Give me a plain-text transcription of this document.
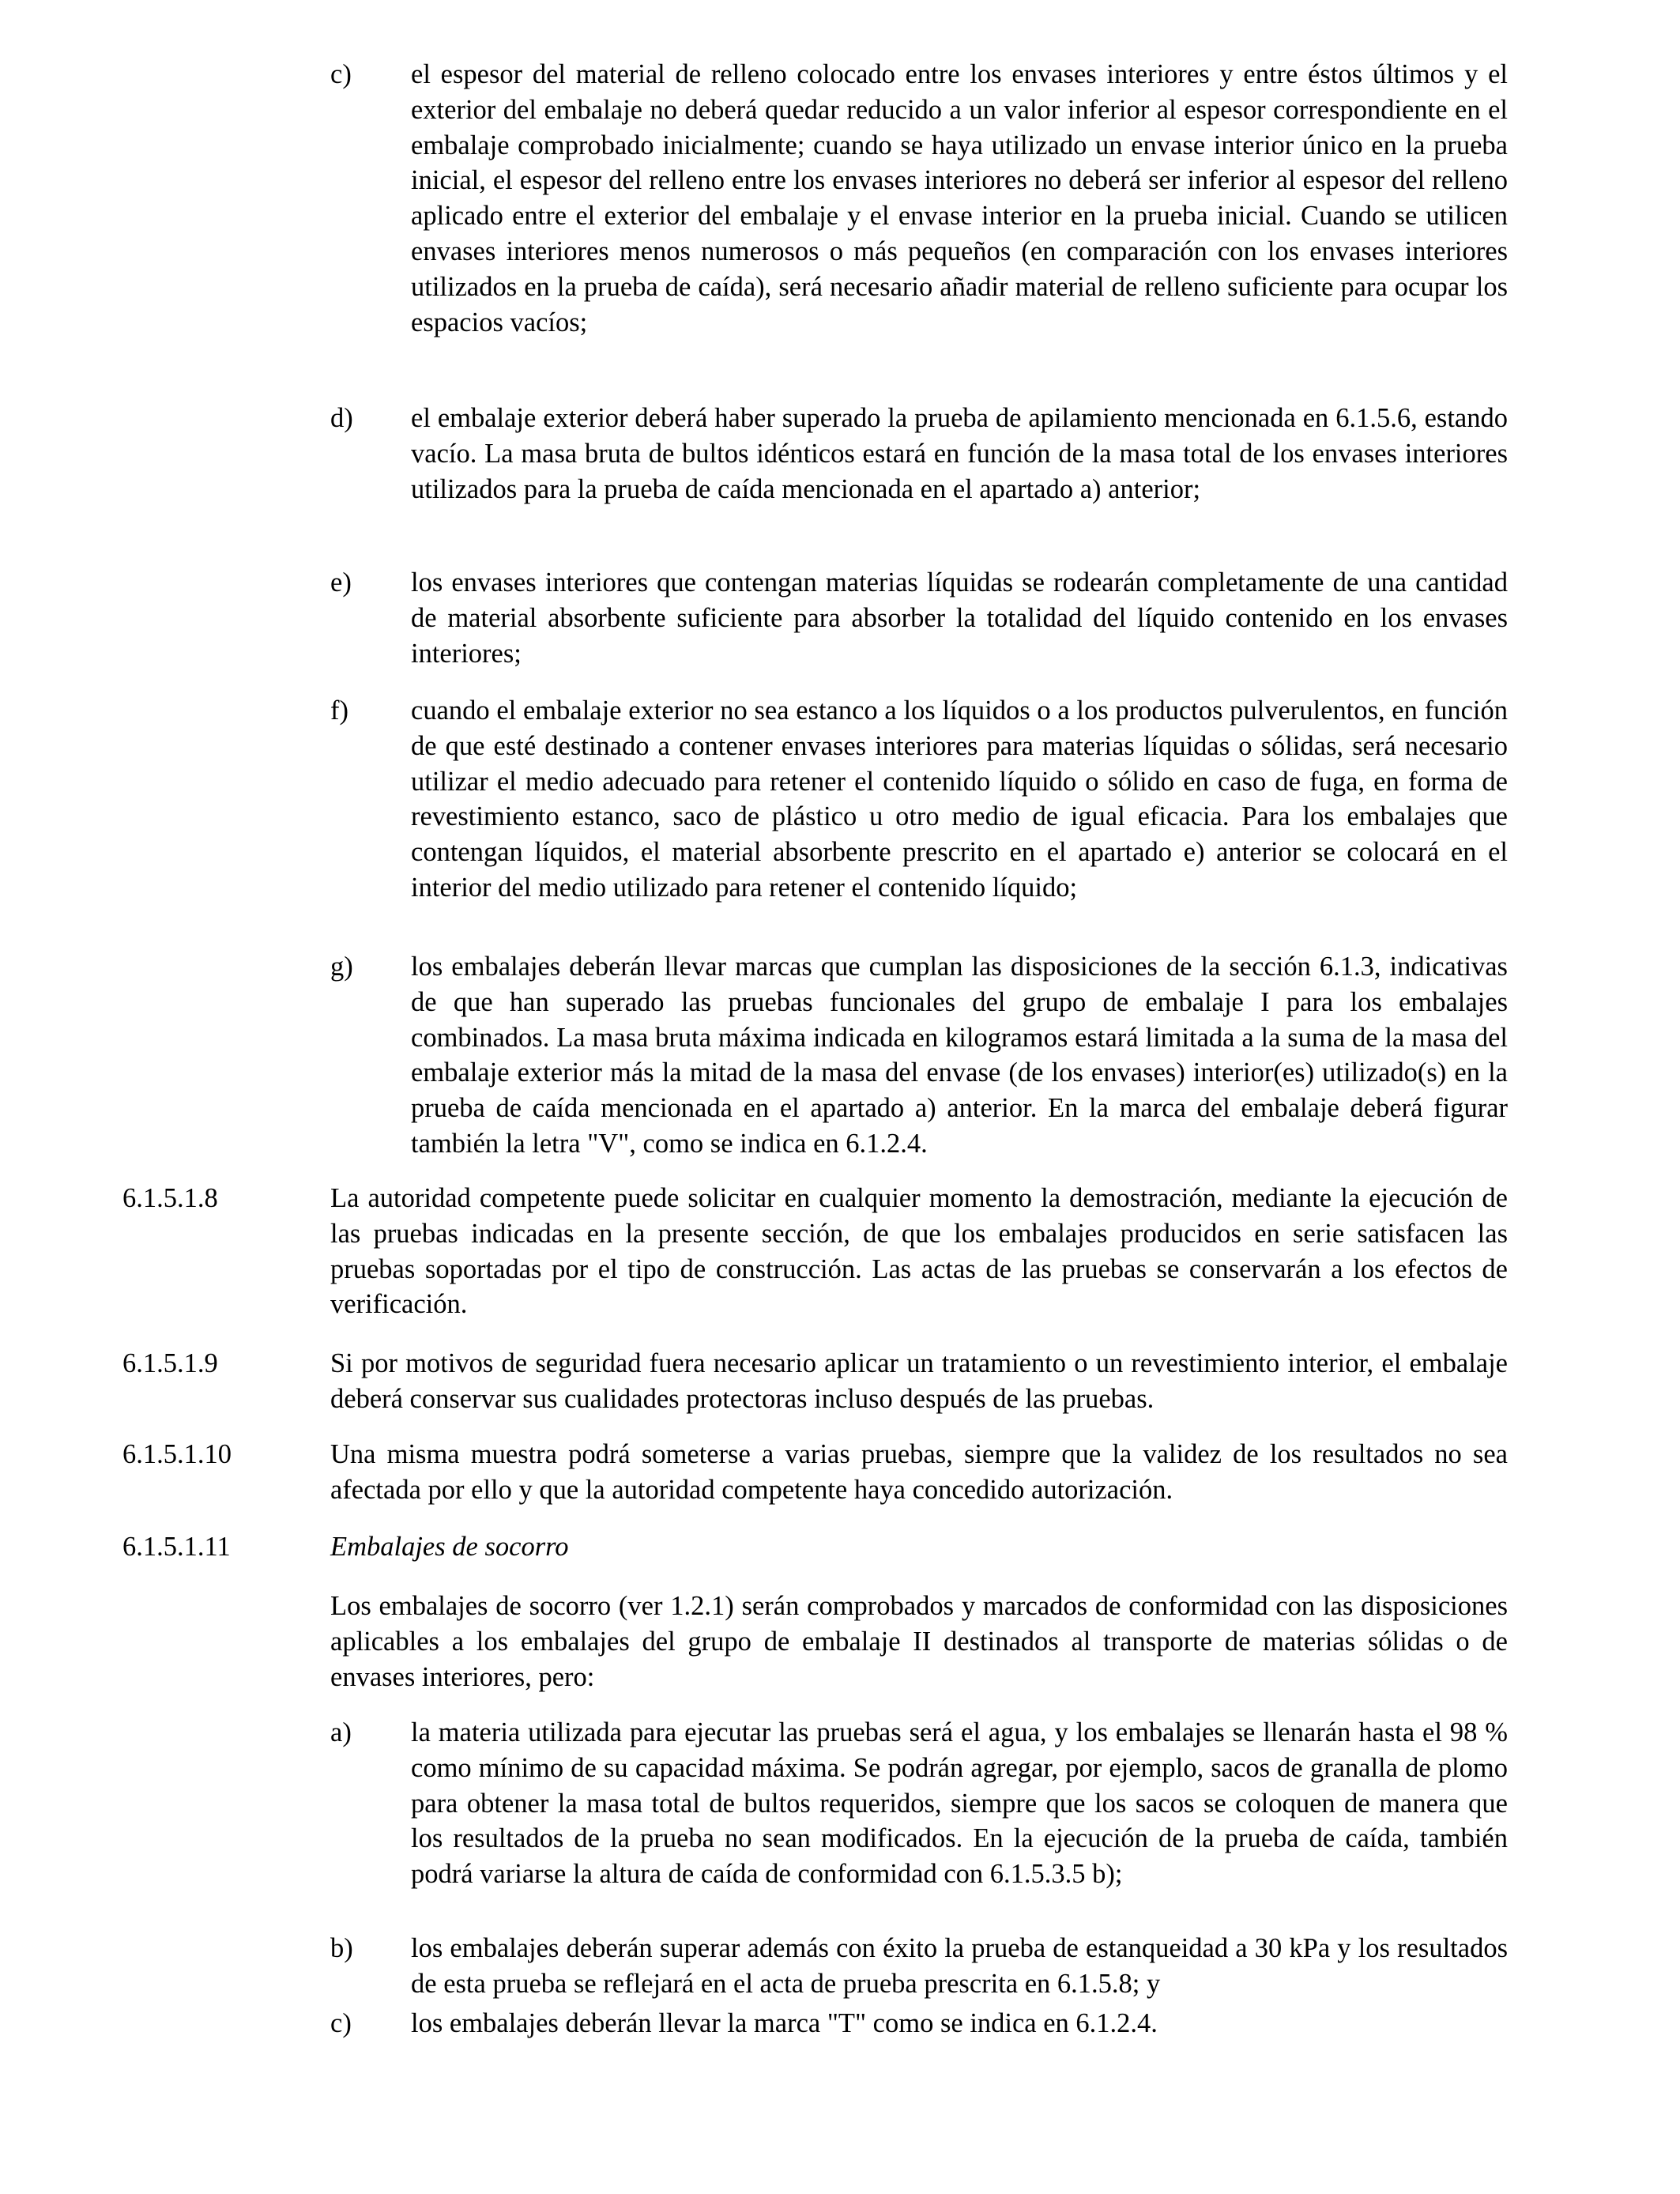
c) el espesor del material de relleno colocado entre los envases interiores y entre éstos últimos y el exterior del embalaje no deberá quedar reducido a un valor inferior al espesor correspondiente en el embalaje comprobado inicialmente; cuando se haya utilizado un envase interior único en la prueba inicial, el espesor del relleno entre los envases interiores no deberá ser inferior al espesor del relleno aplicado entre el exterior del embalaje y el envase interior en la prueba inicial. Cuando se utilicen envases interiores menos numerosos o más pequeños (en comparación con los envases interiores utilizados en la prueba de caída), será necesario añadir material de relleno suficiente para ocupar los espacios vacíos;

d) el embalaje exterior deberá haber superado la prueba de apilamiento mencionada en 6.1.5.6, estando vacío. La masa bruta de bultos idénticos estará en función de la masa total de los envases interiores utilizados para la prueba de caída mencionada en el apartado a) anterior;

e) los envases interiores que contengan materias líquidas se rodearán completamente de una cantidad de material absorbente suficiente para absorber la totalidad del líquido contenido en los envases interiores;

f) cuando el embalaje exterior no sea estanco a los líquidos o a los productos pulverulentos, en función de que esté destinado a contener envases interiores para materias líquidas o sólidas, será necesario utilizar el medio adecuado para retener el contenido líquido o sólido en caso de fuga, en forma de revestimiento estanco, saco de plástico u otro medio de igual eficacia. Para los embalajes que contengan líquidos, el material absorbente prescrito en el apartado e) anterior se colocará en el interior del medio utilizado para retener el contenido líquido;

g) los embalajes deberán llevar marcas que cumplan las disposiciones de la sección 6.1.3, indicativas de que han superado las pruebas funcionales del grupo de embalaje I para los embalajes combinados. La masa bruta máxima indicada en kilogramos estará limitada a la suma de la masa del embalaje exterior más la mitad de la masa del envase (de los envases) interior(es) utilizado(s) en la prueba de caída mencionada en el apartado a) anterior. En la marca del embalaje deberá figurar también la letra "V", como se indica en 6.1.2.4.

6.1.5.1.8	La autoridad competente puede solicitar en cualquier momento la demostración, mediante la ejecución de las pruebas indicadas en la presente sección, de que los embalajes producidos en serie satisfacen las pruebas soportadas por el tipo de construcción. Las actas de las pruebas se conservarán a los efectos de verificación.

6.1.5.1.9	Si por motivos de seguridad fuera necesario aplicar un tratamiento o un revestimiento interior, el embalaje deberá conservar sus cualidades protectoras incluso después de las pruebas.

6.1.5.1.10	Una misma muestra podrá someterse a varias pruebas, siempre que la validez de los resultados no sea afectada por ello y que la autoridad competente haya concedido autorización.

6.1.5.1.11	Embalajes de socorro

Los embalajes de socorro (ver 1.2.1) serán comprobados y marcados de conformidad con las disposiciones aplicables a los embalajes del grupo de embalaje II destinados al transporte de materias sólidas o de envases interiores, pero:

a) la materia utilizada para ejecutar las pruebas será el agua, y los embalajes se llenarán hasta el 98 % como mínimo de su capacidad máxima. Se podrán agregar, por ejemplo, sacos de granalla de plomo para obtener la masa total de bultos requeridos, siempre que los sacos se coloquen de manera que los resultados de la prueba no sean modificados. En la ejecución de la prueba de caída, también podrá variarse la altura de caída de conformidad con 6.1.5.3.5 b);

b) los embalajes deberán superar además con éxito la prueba de estanqueidad a 30 kPa y los resultados de esta prueba se reflejará en el acta de prueba prescrita en 6.1.5.8; y

c) los embalajes deberán llevar la marca "T" como se indica en 6.1.2.4.
